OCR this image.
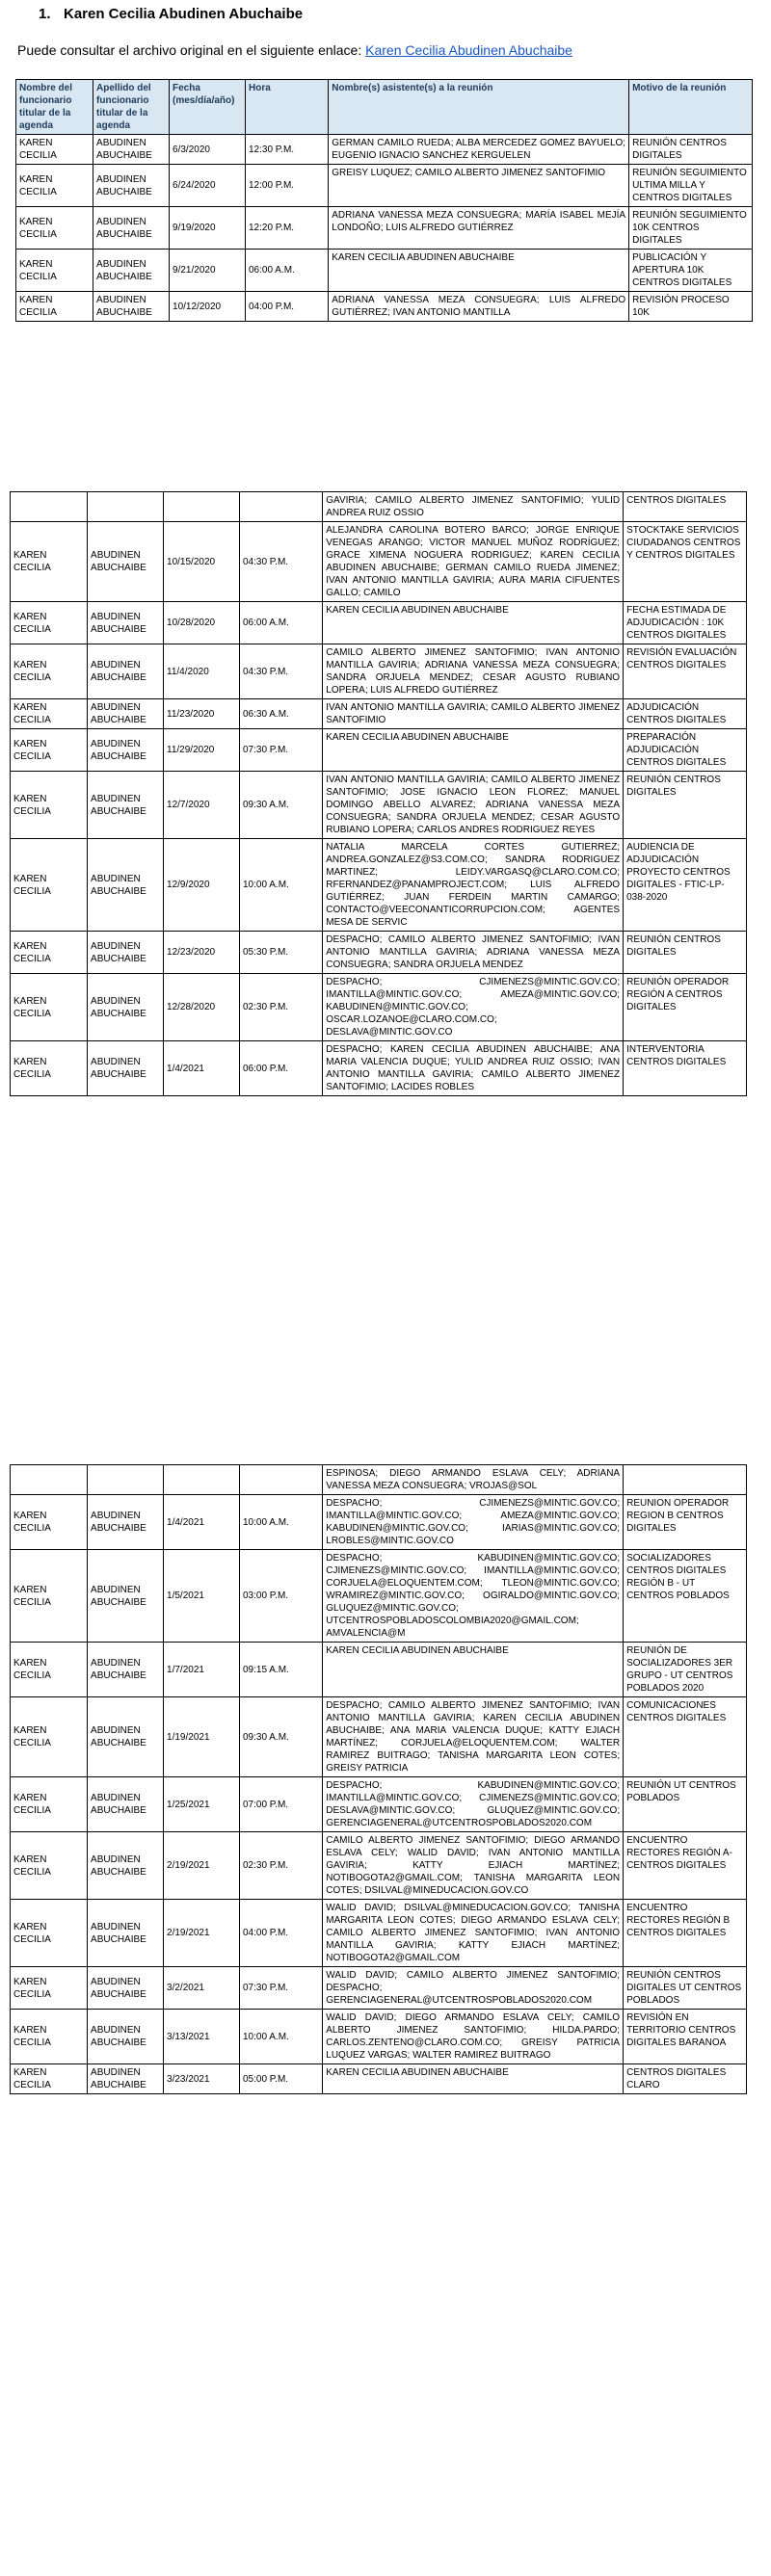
1. Karen Cecilia Abudinen Abuchaibe
Puede consultar el archivo original en el siguiente enlace: Karen Cecilia Abudinen Abuchaibe
Nombre del funcionario titular de la agenda	Apellido del funcionario titular de la agenda	Fecha (mes/día/año)	Hora	Nombre(s) asistente(s) a la reunión	Motivo de la reunión
KAREN CECILIA	ABUDINEN ABUCHAIBE	6/3/2020	12:30 P.M.	GERMAN CAMILO RUEDA; ALBA MERCEDEZ GOMEZ BAYUELO; EUGENIO IGNACIO SANCHEZ KERGUELEN	REUNIÓN CENTROS DIGITALES
KAREN CECILIA	ABUDINEN ABUCHAIBE	6/24/2020	12:00 P.M.	GREISY LUQUEZ; CAMILO ALBERTO JIMENEZ SANTOFIMIO	REUNIÓN SEGUIMIENTO ULTIMA MILLA Y CENTROS DIGITALES
KAREN CECILIA	ABUDINEN ABUCHAIBE	9/19/2020	12:20 P.M.	ADRIANA VANESSA MEZA CONSUEGRA; MARÍA ISABEL MEJÍA LONDOÑO; LUIS ALFREDO GUTIÉRREZ	REUNIÓN SEGUIMIENTO 10K CENTROS DIGITALES
KAREN CECILIA	ABUDINEN ABUCHAIBE	9/21/2020	06:00 A.M.	KAREN CECILIA ABUDINEN ABUCHAIBE	PUBLICACIÓN Y APERTURA 10K CENTROS DIGITALES
KAREN CECILIA	ABUDINEN ABUCHAIBE	10/12/2020	04:00 P.M.	ADRIANA VANESSA MEZA CONSUEGRA; LUIS ALFREDO GUTIÉRREZ; IVAN ANTONIO MANTILLA	REVISIÓN PROCESO 10K
				GAVIRIA; CAMILO ALBERTO JIMENEZ SANTOFIMIO; YULID ANDREA RUIZ OSSIO	CENTROS DIGITALES
KAREN CECILIA	ABUDINEN ABUCHAIBE	10/15/2020	04:30 P.M.	ALEJANDRA CAROLINA BOTERO BARCO; JORGE ENRIQUE VENEGAS ARANGO; VICTOR MANUEL MUÑOZ RODRÍGUEZ; GRACE XIMENA NOGUERA RODRIGUEZ; KAREN CECILIA ABUDINEN ABUCHAIBE; GERMAN CAMILO RUEDA JIMENEZ; IVAN ANTONIO MANTILLA GAVIRIA; AURA MARIA CIFUENTES GALLO; CAMILO	STOCKTAKE SERVICIOS CIUDADANOS CENTROS Y CENTROS DIGITALES
KAREN CECILIA	ABUDINEN ABUCHAIBE	10/28/2020	06:00 A.M.	KAREN CECILIA ABUDINEN ABUCHAIBE	FECHA ESTIMADA DE ADJUDICACIÓN : 10K CENTROS DIGITALES
KAREN CECILIA	ABUDINEN ABUCHAIBE	11/4/2020	04:30 P.M.	CAMILO ALBERTO JIMENEZ SANTOFIMIO; IVAN ANTONIO MANTILLA GAVIRIA; ADRIANA VANESSA MEZA CONSUEGRA; SANDRA ORJUELA MENDEZ; CESAR AGUSTO RUBIANO LOPERA; LUIS ALFREDO GUTIÉRREZ	REVISIÓN EVALUACIÓN CENTROS DIGITALES
KAREN CECILIA	ABUDINEN ABUCHAIBE	11/23/2020	06:30 A.M.	IVAN ANTONIO MANTILLA GAVIRIA; CAMILO ALBERTO JIMENEZ SANTOFIMIO	ADJUDICACIÓN CENTROS DIGITALES
KAREN CECILIA	ABUDINEN ABUCHAIBE	11/29/2020	07:30 P.M.	KAREN CECILIA ABUDINEN ABUCHAIBE	PREPARACIÓN ADJUDICACIÓN CENTROS DIGITALES
KAREN CECILIA	ABUDINEN ABUCHAIBE	12/7/2020	09:30 A.M.	IVAN ANTONIO MANTILLA GAVIRIA; CAMILO ALBERTO JIMENEZ SANTOFIMIO; JOSE IGNACIO LEON FLOREZ; MANUEL DOMINGO ABELLO ALVAREZ; ADRIANA VANESSA MEZA CONSUEGRA; SANDRA ORJUELA MENDEZ; CESAR AGUSTO RUBIANO LOPERA; CARLOS ANDRES RODRIGUEZ REYES	REUNIÓN CENTROS DIGITALES
KAREN CECILIA	ABUDINEN ABUCHAIBE	12/9/2020	10:00 A.M.	NATALIA MARCELA CORTES GUTIERREZ; ANDREA.GONZALEZ@S3.COM.CO; SANDRA RODRIGUEZ MARTINEZ; LEIDY.VARGASQ@CLARO.COM.CO; RFERNANDEZ@PANAMPROJECT.COM; LUIS ALFREDO GUTIÉRREZ; JUAN FERDEIN MARTIN CAMARGO; CONTACTO@VEECONANTICORRUPCION.COM; AGENTES MESA DE SERVIC	AUDIENCIA DE ADJUDICACIÓN PROYECTO CENTROS DIGITALES - FTIC-LP-038-2020
KAREN CECILIA	ABUDINEN ABUCHAIBE	12/23/2020	05:30 P.M.	DESPACHO; CAMILO ALBERTO JIMENEZ SANTOFIMIO; IVAN ANTONIO MANTILLA GAVIRIA; ADRIANA VANESSA MEZA CONSUEGRA; SANDRA ORJUELA MENDEZ	REUNIÓN CENTROS DIGITALES
KAREN CECILIA	ABUDINEN ABUCHAIBE	12/28/2020	02:30 P.M.	DESPACHO; CJIMENEZS@MINTIC.GOV.CO; IMANTILLA@MINTIC.GOV.CO; AMEZA@MINTIC.GOV.CO; KABUDINEN@MINTIC.GOV.CO; OSCAR.LOZANOE@CLARO.COM.CO; DESLAVA@MINTIC.GOV.CO	REUNIÓN OPERADOR REGIÓN A CENTROS DIGITALES
KAREN CECILIA	ABUDINEN ABUCHAIBE	1/4/2021	06:00 P.M.	DESPACHO; KAREN CECILIA ABUDINEN ABUCHAIBE; ANA MARIA VALENCIA DUQUE; YULID ANDREA RUIZ OSSIO; IVAN ANTONIO MANTILLA GAVIRIA; CAMILO ALBERTO JIMENEZ SANTOFIMIO; LACIDES ROBLES	INTERVENTORIA CENTROS DIGITALES
				ESPINOSA; DIEGO ARMANDO ESLAVA CELY; ADRIANA VANESSA MEZA CONSUEGRA; VROJAS@SOL	
KAREN CECILIA	ABUDINEN ABUCHAIBE	1/4/2021	10:00 A.M.	DESPACHO; CJIMENEZS@MINTIC.GOV.CO; IMANTILLA@MINTIC.GOV.CO; AMEZA@MINTIC.GOV.CO; KABUDINEN@MINTIC.GOV.CO; IARIAS@MINTIC.GOV.CO; LROBLES@MINTIC.GOV.CO	REUNION OPERADOR REGION B CENTROS DIGITALES
KAREN CECILIA	ABUDINEN ABUCHAIBE	1/5/2021	03:00 P.M.	DESPACHO; KABUDINEN@MINTIC.GOV.CO; CJIMENEZS@MINTIC.GOV.CO; IMANTILLA@MINTIC.GOV.CO; CORJUELA@ELOQUENTEM.COM; TLEON@MINTIC.GOV.CO; WRAMIREZ@MINTIC.GOV.CO; OGIRALDO@MINTIC.GOV.CO; GLUQUEZ@MINTIC.GOV.CO; UTCENTROSPOBLADOSCOLOMBIA2020@GMAIL.COM; AMVALENCIA@M	SOCIALIZADORES CENTROS DIGITALES REGIÓN B - UT CENTROS POBLADOS
KAREN CECILIA	ABUDINEN ABUCHAIBE	1/7/2021	09:15 A.M.	KAREN CECILIA ABUDINEN ABUCHAIBE	REUNIÓN DE SOCIALIZADORES 3ER GRUPO - UT CENTROS POBLADOS 2020
KAREN CECILIA	ABUDINEN ABUCHAIBE	1/19/2021	09:30 A.M.	DESPACHO; CAMILO ALBERTO JIMENEZ SANTOFIMIO; IVAN ANTONIO MANTILLA GAVIRIA; KAREN CECILIA ABUDINEN ABUCHAIBE; ANA MARIA VALENCIA DUQUE; KATTY EJIACH MARTÍNEZ; CORJUELA@ELOQUENTEM.COM; WALTER RAMIREZ BUITRAGO; TANISHA MARGARITA LEON COTES; GREISY PATRICIA	COMUNICACIONES CENTROS DIGITALES
KAREN CECILIA	ABUDINEN ABUCHAIBE	1/25/2021	07:00 P.M.	DESPACHO; KABUDINEN@MINTIC.GOV.CO; IMANTILLA@MINTIC.GOV.CO; CJIMENEZS@MINTIC.GOV.CO; DESLAVA@MINTIC.GOV.CO; GLUQUEZ@MINTIC.GOV.CO; GERENCIAGENERAL@UTCENTROSPOBLADOS2020.COM	REUNIÓN UT CENTROS POBLADOS
KAREN CECILIA	ABUDINEN ABUCHAIBE	2/19/2021	02:30 P.M.	CAMILO ALBERTO JIMENEZ SANTOFIMIO; DIEGO ARMANDO ESLAVA CELY; WALID DAVID; IVAN ANTONIO MANTILLA GAVIRIA; KATTY EJIACH MARTÍNEZ; NOTIBOGOTA2@GMAIL.COM; TANISHA MARGARITA LEON COTES; DSILVAL@MINEDUCACION.GOV.CO	ENCUENTRO RECTORES REGIÓN A- CENTROS DIGITALES
KAREN CECILIA	ABUDINEN ABUCHAIBE	2/19/2021	04:00 P.M.	WALID DAVID; DSILVAL@MINEDUCACION.GOV.CO; TANISHA MARGARITA LEON COTES; DIEGO ARMANDO ESLAVA CELY; CAMILO ALBERTO JIMENEZ SANTOFIMIO; IVAN ANTONIO MANTILLA GAVIRIA; KATTY EJIACH MARTÍNEZ; NOTIBOGOTA2@GMAIL.COM	ENCUENTRO RECTORES REGIÓN B CENTROS DIGITALES
KAREN CECILIA	ABUDINEN ABUCHAIBE	3/2/2021	07:30 P.M.	WALID DAVID; CAMILO ALBERTO JIMENEZ SANTOFIMIO; DESPACHO; GERENCIAGENERAL@UTCENTROSPOBLADOS2020.COM	REUNIÓN CENTROS DIGITALES UT CENTROS POBLADOS
KAREN CECILIA	ABUDINEN ABUCHAIBE	3/13/2021	10:00 A.M.	WALID DAVID; DIEGO ARMANDO ESLAVA CELY; CAMILO ALBERTO JIMENEZ SANTOFIMIO; HILDA.PARDO; CARLOS.ZENTENO@CLARO.COM.CO; GREISY PATRICIA LUQUEZ VARGAS; WALTER RAMIREZ BUITRAGO	REVISIÓN EN TERRITORIO CENTROS DIGITALES BARANOA
KAREN CECILIA	ABUDINEN ABUCHAIBE	3/23/2021	05:00 P.M.	KAREN CECILIA ABUDINEN ABUCHAIBE	CENTROS DIGITALES CLARO
